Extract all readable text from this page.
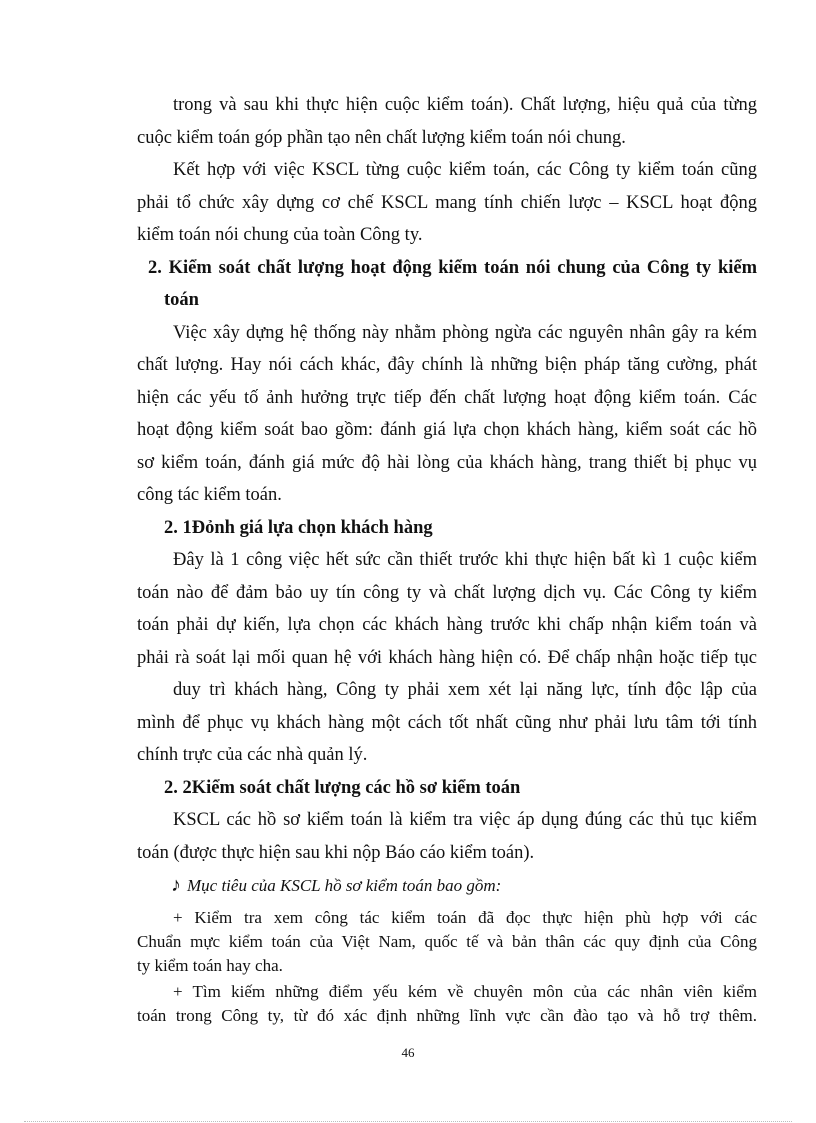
trong và sau khi thực hiện cuộc kiểm toán). Chất lượng, hiệu quả của từng

cuộc kiểm toán góp phần tạo nên chất lượng kiểm toán nói chung.

Kết hợp với việc KSCL từng cuộc kiểm toán, các Công ty kiểm toán cũng

phải tổ chức xây dựng cơ chế KSCL mang tính chiến lược – KSCL hoạt động

kiểm toán nói chung của toàn Công ty.

2. Kiểm soát chất lượng hoạt động kiểm toán nói chung của Công ty kiểm

toán

Việc xây dựng hệ thống này nhằm phòng ngừa các nguyên nhân gây ra kém

chất lượng. Hay nói cách khác, đây chính là những biện pháp tăng cường, phát

hiện các yếu tố ảnh hưởng trực tiếp đến chất lượng hoạt động kiểm toán. Các

hoạt động kiểm soát bao gồm: đánh giá lựa chọn khách hàng, kiểm soát các hồ

sơ kiểm toán, đánh giá mức độ hài lòng của khách hàng, trang thiết bị phục vụ

công tác kiểm toán.

2. 1Đỏnh giá lựa chọn khách hàng

Đây là 1 công việc hết sức cần thiết trước khi thực hiện bất kì 1 cuộc kiểm

toán nào để đảm bảo uy tín công ty và chất lượng dịch vụ. Các Công ty kiểm

toán phải dự kiến, lựa chọn các khách hàng trước khi chấp nhận kiểm toán và

phải rà soát lại mối quan hệ với khách hàng hiện có. Để chấp nhận hoặc tiếp tục

duy trì khách hàng, Công ty phải xem xét lại năng lực, tính độc lập của

mình để phục vụ khách hàng một cách tốt nhất cũng như phải lưu tâm tới tính

chính trực của các nhà quản lý.

2. 2Kiểm soát chất lượng các hồ sơ kiểm toán

KSCL các hồ sơ kiểm toán là kiểm tra việc áp dụng đúng các thủ tục kiểm

toán (được thực hiện sau khi nộp Báo cáo kiểm toán).

♪ Mục tiêu của KSCL hồ sơ kiểm toán bao gồm:

+ Kiểm tra xem công tác kiểm toán đã đọc thực hiện phù hợp với các

Chuẩn mực kiểm toán của Việt Nam, quốc tế và bản thân các quy định của Công

ty kiểm toán hay cha.

+ Tìm kiếm những điểm yếu kém về chuyên môn của các nhân viên kiểm

toán trong Công ty, từ đó xác định những lĩnh vực cần đào tạo và hỗ trợ thêm.

46
